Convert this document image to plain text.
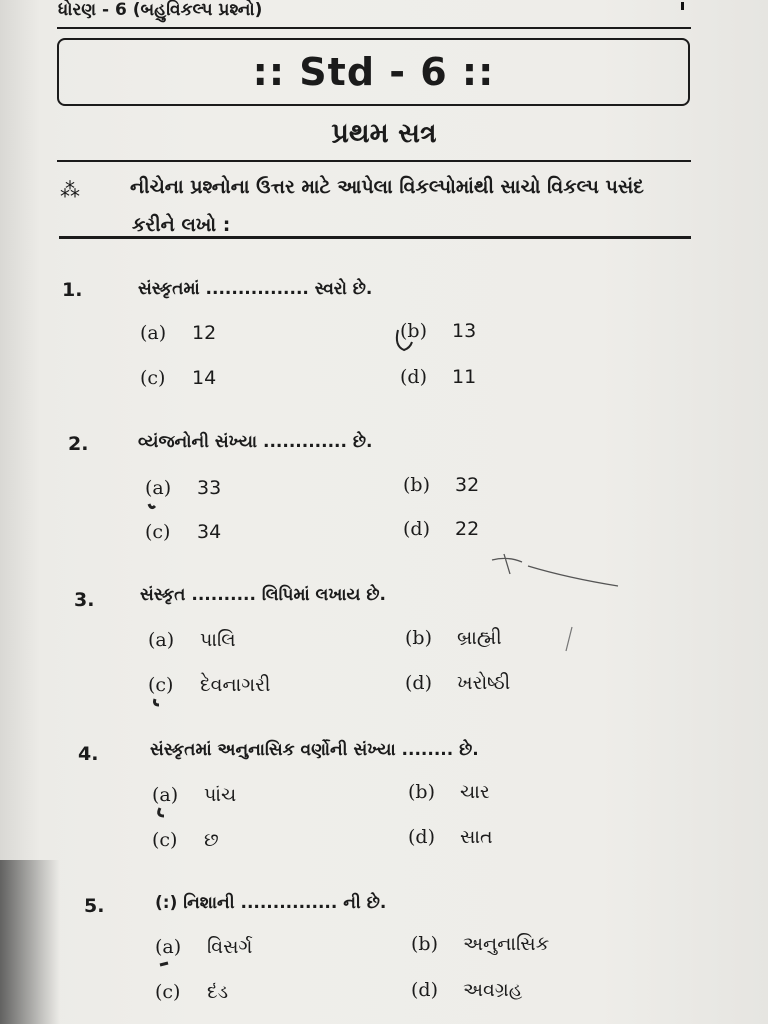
ધોરણ - 6 (બહુવિકલ્પ પ્રશ્નો)
:: Std - 6 ::
પ્રથમ સત્ર
⁂	નીચેના પ્રશ્નોના ઉત્તર માટે આપેલા વિકલ્પોમાંથી સાચો વિકલ્પ પસંદ
કરીને લખો :
1.	સંસ્કૃતમાં ................ સ્વરો છે.
(a) 12	(b) 13
(c) 14	(d) 11
2.	વ્યંજનોની સંખ્યા ............. છે.
(a) 33	(b) 32
(c) 34	(d) 22
3.	સંસ્કૃત .......... લિપિમાં લખાય છે.
(a) પાલિ	(b) બ્રાહ્મી
(c) દેવનાગરી	(d) ખરોષ્ઠી
4.	સંસ્કૃતમાં અનુનાસિક વર્ણોની સંખ્યા ........ છે.
(a) પાંચ	(b) ચાર
(c) છ	(d) સાત
5.	(:) નિશાની ............... ની છે.
(a) વિસર્ગ	(b) અનુનાસિક
(c) દંડ	(d) અવગ્રહ
